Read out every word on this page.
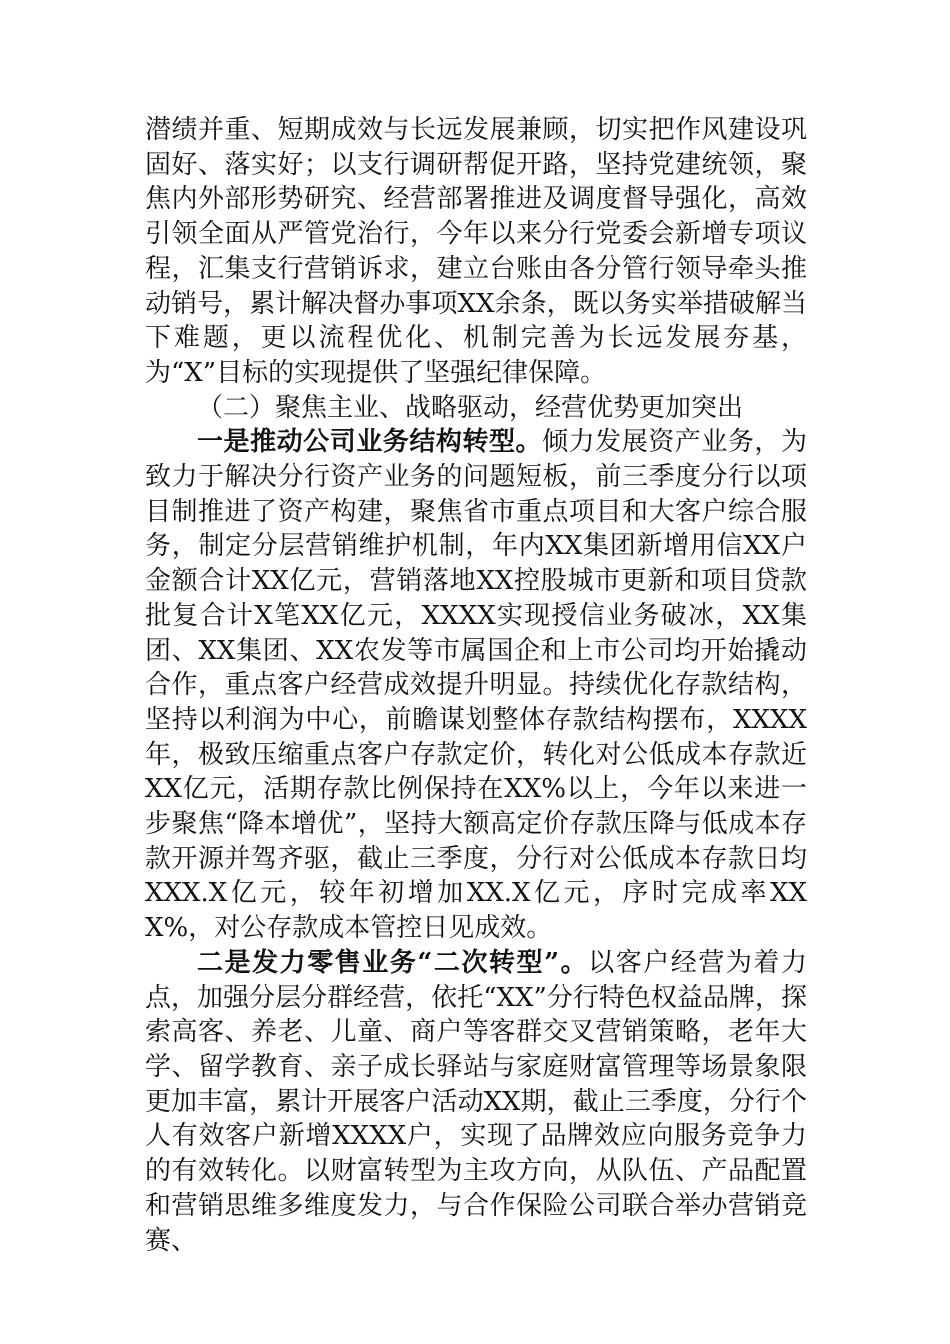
潜绩并重、短期成效与长远发展兼顾，切实把作风建设巩固好、落实好；以支行调研帮促开路，坚持党建统领，聚焦内外部形势研究、经营部署推进及调度督导强化，高效引领全面从严管党治行，今年以来分行党委会新增专项议程，汇集支行营销诉求，建立台账由各分管行领导牵头推动销号，累计解决督办事项XX余条，既以务实举措破解当下难题，更以流程优化、机制完善为长远发展夯基，为“X”目标的实现提供了坚强纪律保障。

（二）聚焦主业、战略驱动，经营优势更加突出

一是推动公司业务结构转型。倾力发展资产业务，为致力于解决分行资产业务的问题短板，前三季度分行以项目制推进了资产构建，聚焦省市重点项目和大客户综合服务，制定分层营销维护机制，年内XX集团新增用信XX户金额合计XX亿元，营销落地XX控股城市更新和项目贷款批复合计X笔XX亿元，XXXX实现授信业务破冰，XX集团、XX集团、XX农发等市属国企和上市公司均开始撬动合作，重点客户经营成效提升明显。持续优化存款结构，坚持以利润为中心，前瞻谋划整体存款结构摆布，XXXX年，极致压缩重点客户存款定价，转化对公低成本存款近XX亿元，活期存款比例保持在XX%以上，今年以来进一步聚焦“降本增优”，坚持大额高定价存款压降与低成本存款开源并驾齐驱，截止三季度，分行对公低成本存款日均XXX.X亿元，较年初增加XX.X亿元，序时完成率XXX%，对公存款成本管控日见成效。

二是发力零售业务“二次转型”。以客户经营为着力点，加强分层分群经营，依托“XX”分行特色权益品牌，探索高客、养老、儿童、商户等客群交叉营销策略，老年大学、留学教育、亲子成长驿站与家庭财富管理等场景象限更加丰富，累计开展客户活动XX期，截止三季度，分行个人有效客户新增XXXX户，实现了品牌效应向服务竞争力的有效转化。以财富转型为主攻方向，从队伍、产品配置和营销思维多维度发力，与合作保险公司联合举办营销竞赛、
